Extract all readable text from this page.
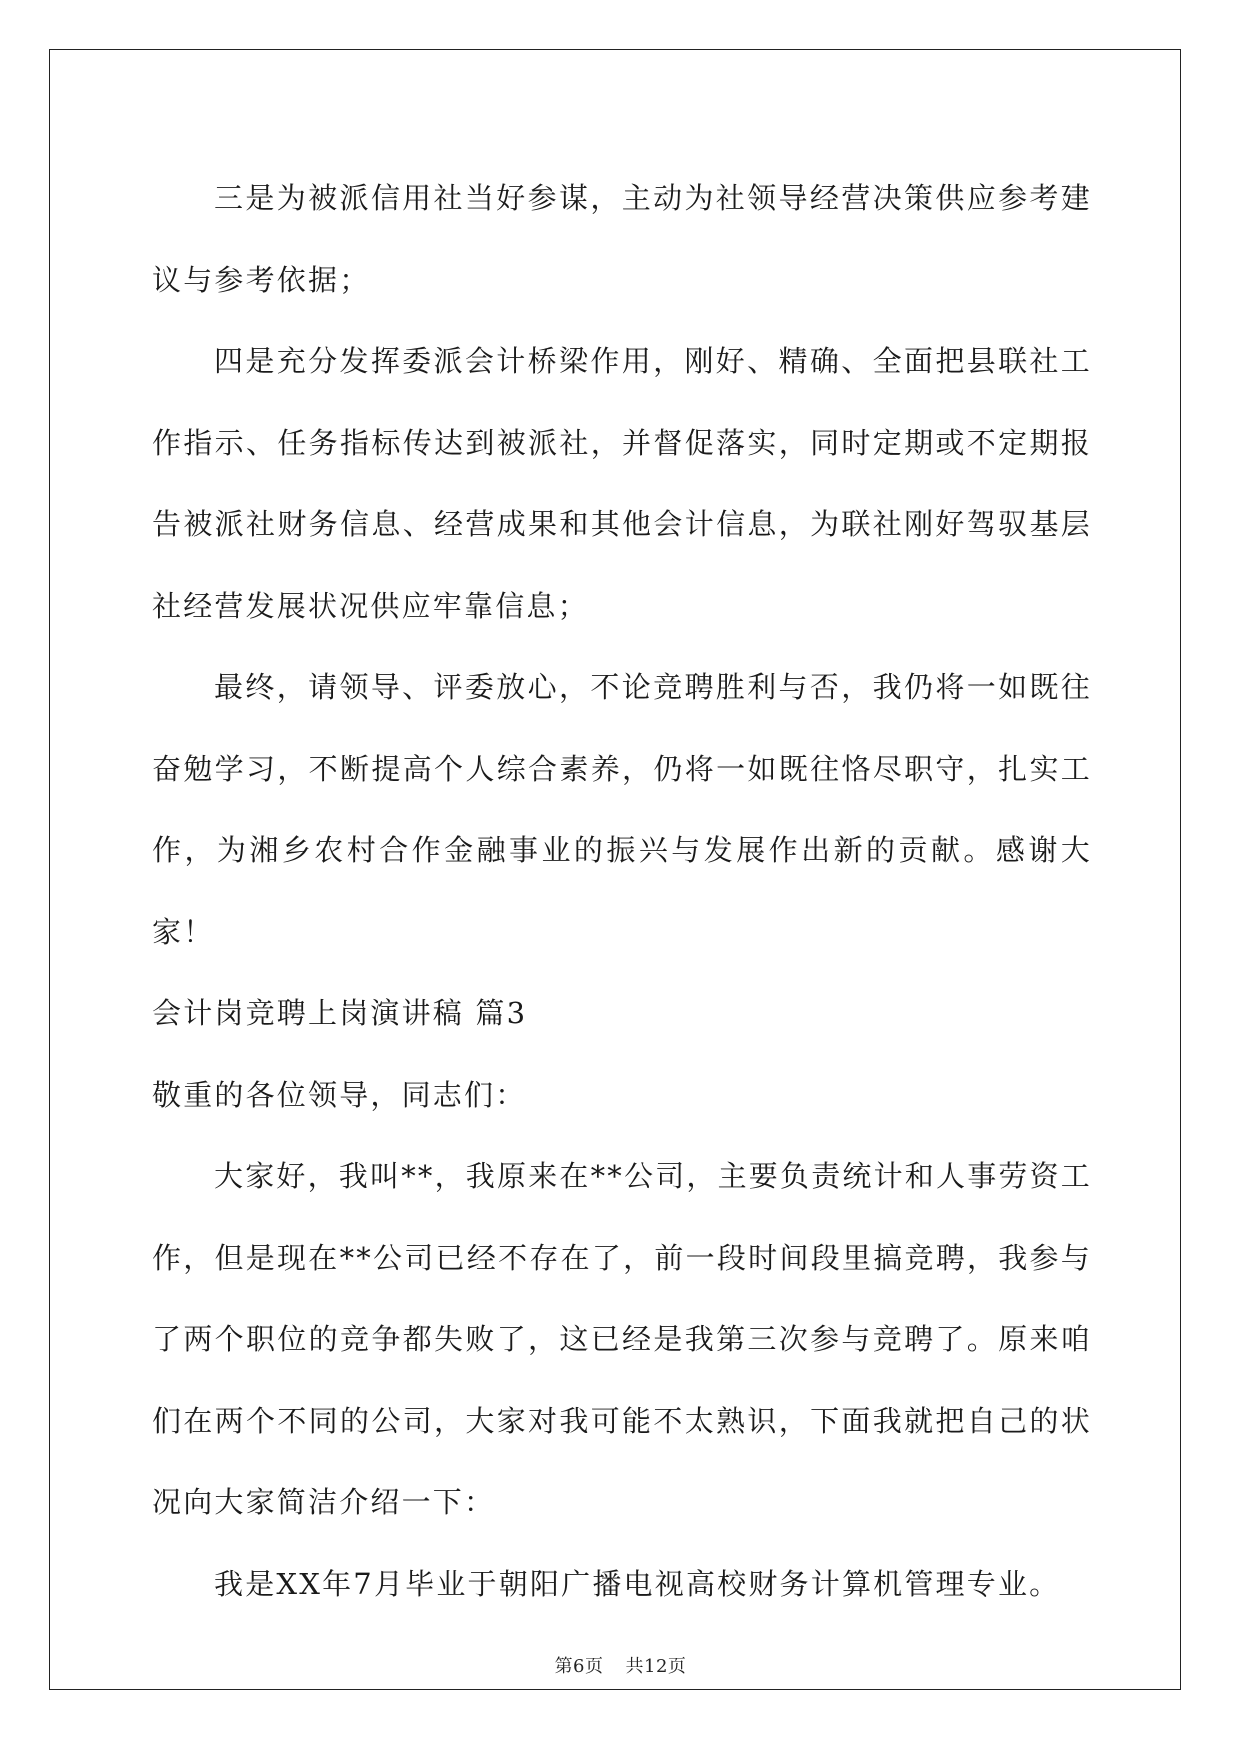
三是为被派信用社当好参谋，主动为社领导经营决策供应参考建议与参考依据；

四是充分发挥委派会计桥梁作用，刚好、精确、全面把县联社工作指示、任务指标传达到被派社，并督促落实，同时定期或不定期报告被派社财务信息、经营成果和其他会计信息，为联社刚好驾驭基层社经营发展状况供应牢靠信息；

最终，请领导、评委放心，不论竞聘胜利与否，我仍将一如既往奋勉学习，不断提高个人综合素养，仍将一如既往恪尽职守，扎实工作，为湘乡农村合作金融事业的振兴与发展作出新的贡献。感谢大家！

会计岗竞聘上岗演讲稿 篇3

敬重的各位领导，同志们：

大家好，我叫**，我原来在**公司，主要负责统计和人事劳资工作，但是现在**公司已经不存在了，前一段时间段里搞竞聘，我参与了两个职位的竞争都失败了，这已经是我第三次参与竞聘了。原来咱们在两个不同的公司，大家对我可能不太熟识，下面我就把自己的状况向大家简洁介绍一下：

我是XX年7月毕业于朝阳广播电视高校财务计算机管理专业。

第6页 共12页
